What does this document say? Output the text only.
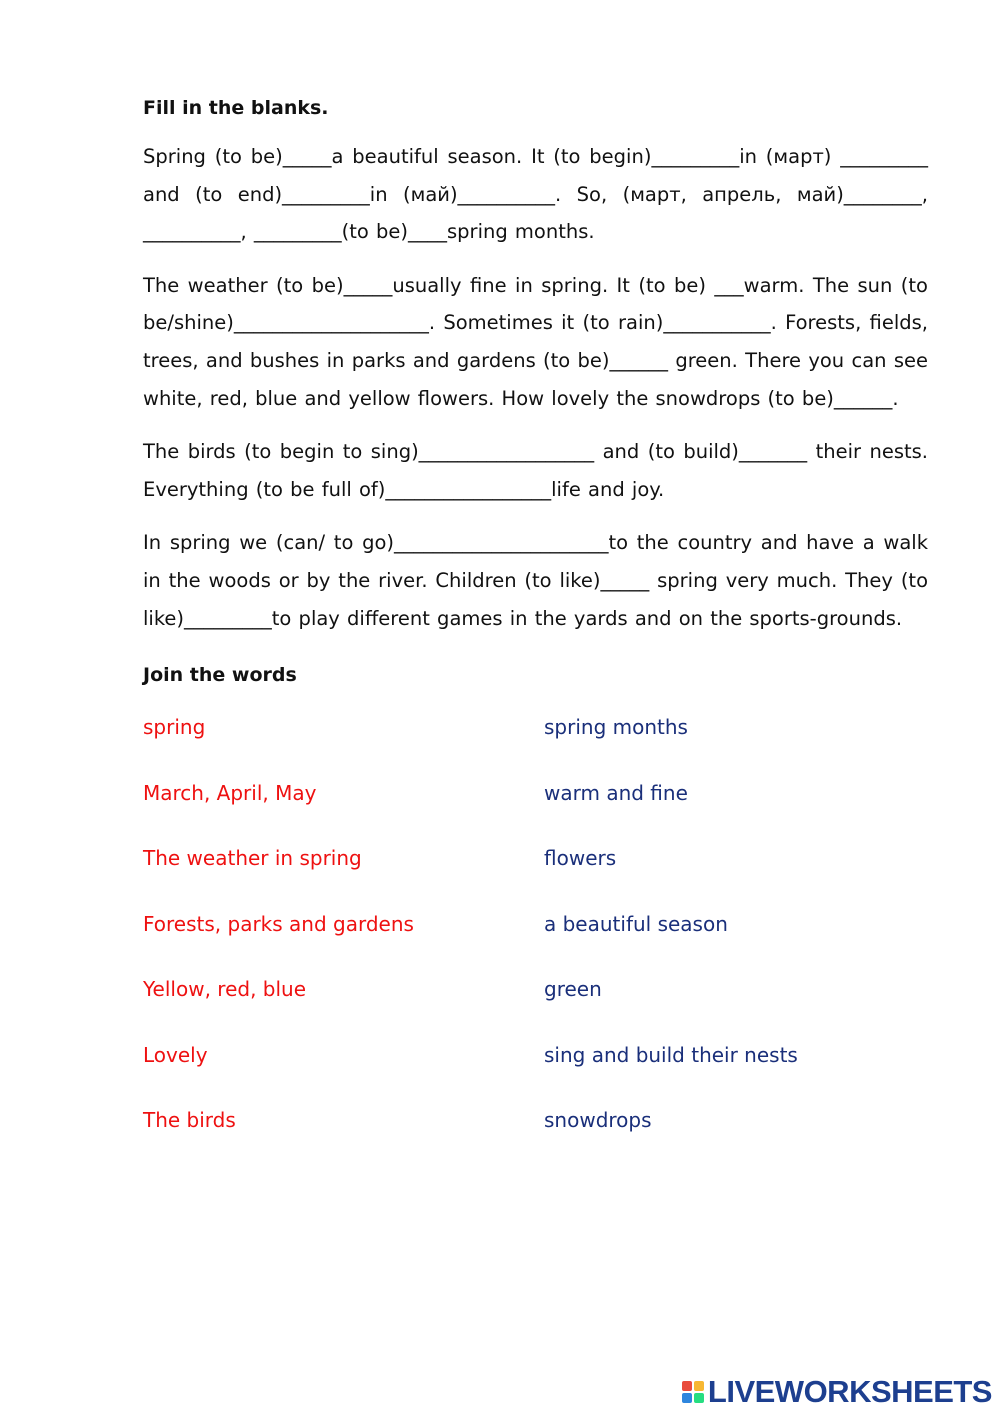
Fill in the blanks.

Spring (to be)_____a beautiful season. It (to begin)_________in (март) _________ and (to end)_________in (май)__________. So, (март, апрель, май)________, __________, _________(to be)____spring months.

The weather (to be)_____usually fine in spring. It (to be) ___warm. The sun (to be/shine)____________________. Sometimes it (to rain)___________. Forests, fields, trees, and bushes in parks and gardens (to be)______ green. There you can see white, red, blue and yellow flowers. How lovely the snowdrops (to be)______.

The birds (to begin to sing)__________________ and (to build)_______ their nests. Everything (to be full of)_________________life and joy.

In spring we (can/ to go)______________________to the country and have a walk in the woods or by the river. Children (to like)_____ spring very much. They (to like)_________to play different games in the yards and on the sports-grounds.

Join the words

spring	spring months
March, April, May	warm and fine
The weather in spring	flowers
Forests, parks and gardens	a beautiful season
Yellow, red, blue	green
Lovely	sing and build their nests
The birds	snowdrops
LIVEWORKSHEETS
